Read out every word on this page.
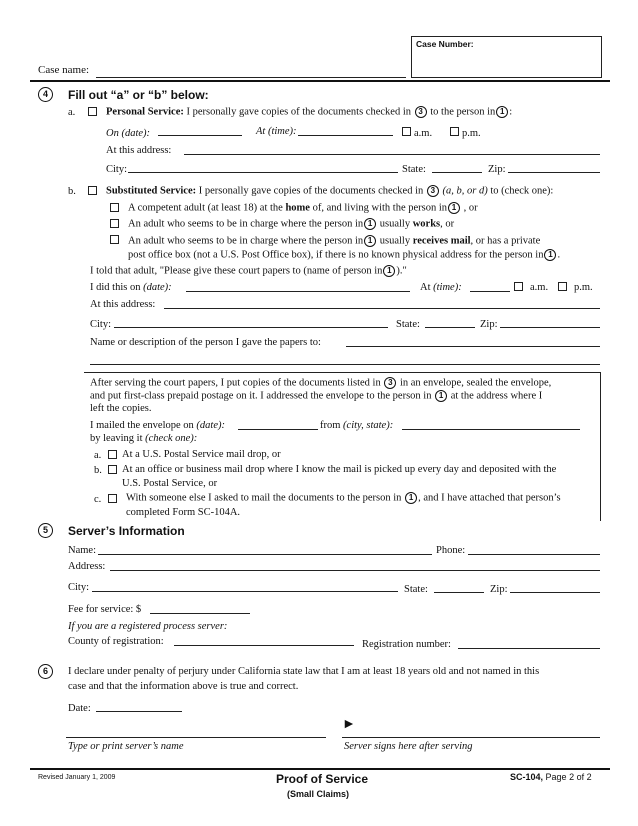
Case Number:
Case name:
4	Fill out “a” or “b” below:
a.	Personal Service: I personally gave copies of the documents checked in 3 to the person in 1 :
On (date):	At (time):	a.m.	p.m.
At this address:
City:	State:	Zip:
b.	Substituted Service: I personally gave copies of the documents checked in 3 (a, b, or d) to (check one):
A competent adult (at least 18) at the home of, and living with the person in 1 , or
An adult who seems to be in charge where the person in 1 usually works, or
An adult who seems to be in charge where the person in 1 usually receives mail, or has a private
post office box (not a U.S. Post Office box), if there is no known physical address for the person in 1 .
I told that adult, "Please give these court papers to (name of person in 1 )."
I did this on (date):	At (time):	a.m. p.m.
At this address:
City:	State:	Zip:
Name or description of the person I gave the papers to:
After serving the court papers, I put copies of the documents listed in 3 in an envelope, sealed the envelope,
and put first-class prepaid postage on it. I addressed the envelope to the person in 1 at the address where I
left the copies.
I mailed the envelope on (date):	from (city, state):
by leaving it (check one):
a. At a U.S. Postal Service mail drop, or
b. At an office or business mail drop where I know the mail is picked up every day and deposited with the
U.S. Postal Service, or
c. With someone else I asked to mail the documents to the person in 1 , and I have attached that person’s
completed Form SC-104A.
5	Server’s Information
Name:	Phone:
Address:
City:	State:	Zip:
Fee for service: $
If you are a registered process server:
County of registration:	Registration number:
6	I declare under penalty of perjury under California state law that I am at least 18 years old and not named in this
case and that the information above is true and correct.
Date:
Type or print server’s name
►
Server signs here after serving
Revised January 1, 2009	Proof of Service
(Small Claims)
SC-104, Page 2 of 2
